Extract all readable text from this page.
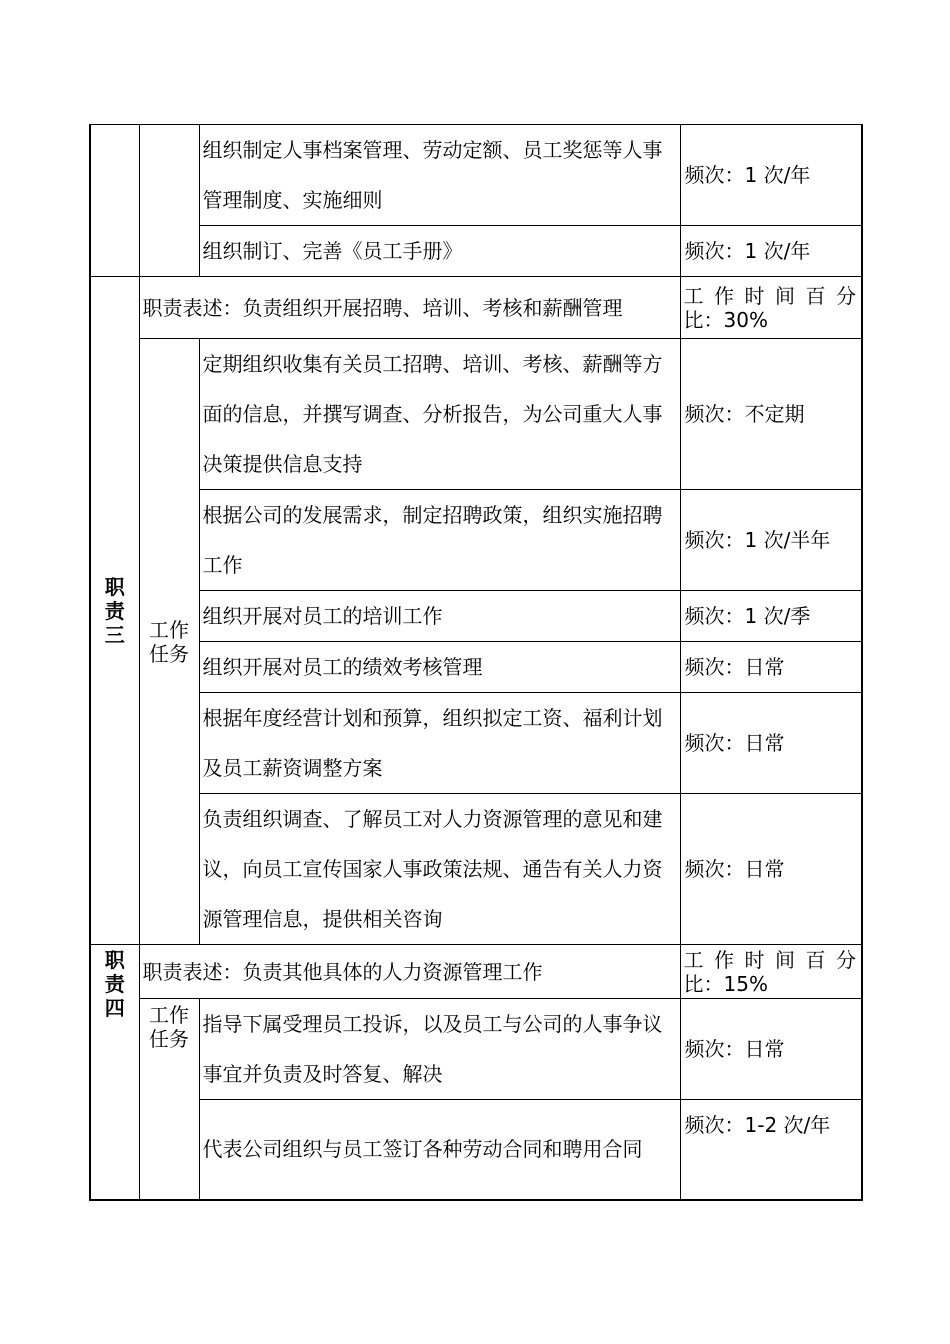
		组织制定人事档案管理、劳动定额、员工奖惩等人事管理制度、实施细则	频次：1 次/年
		组织制订、完善《员工手册》	频次：1 次/年
职责三	职责表述：负责组织开展招聘、培训、考核和薪酬管理		工 作 时 间 百 分
比：30%
	工作任务	定期组织收集有关员工招聘、培训、考核、薪酬等方面的信息，并撰写调查、分析报告，为公司重大人事决策提供信息支持	频次：不定期
		根据公司的发展需求，制定招聘政策，组织实施招聘工作	频次：1 次/半年
		组织开展对员工的培训工作	频次：1 次/季
		组织开展对员工的绩效考核管理	频次：日常
		根据年度经营计划和预算，组织拟定工资、福利计划及员工薪资调整方案	频次：日常
		负责组织调查、了解员工对人力资源管理的意见和建议，向员工宣传国家人事政策法规、通告有关人力资源管理信息，提供相关咨询	频次：日常
职责四	职责表述：负责其他具体的人力资源管理工作		工 作 时 间 百 分
比：15%
	工作任务	指导下属受理员工投诉，以及员工与公司的人事争议事宜并负责及时答复、解决	频次：日常
		代表公司组织与员工签订各种劳动合同和聘用合同	频次：1-2 次/年
